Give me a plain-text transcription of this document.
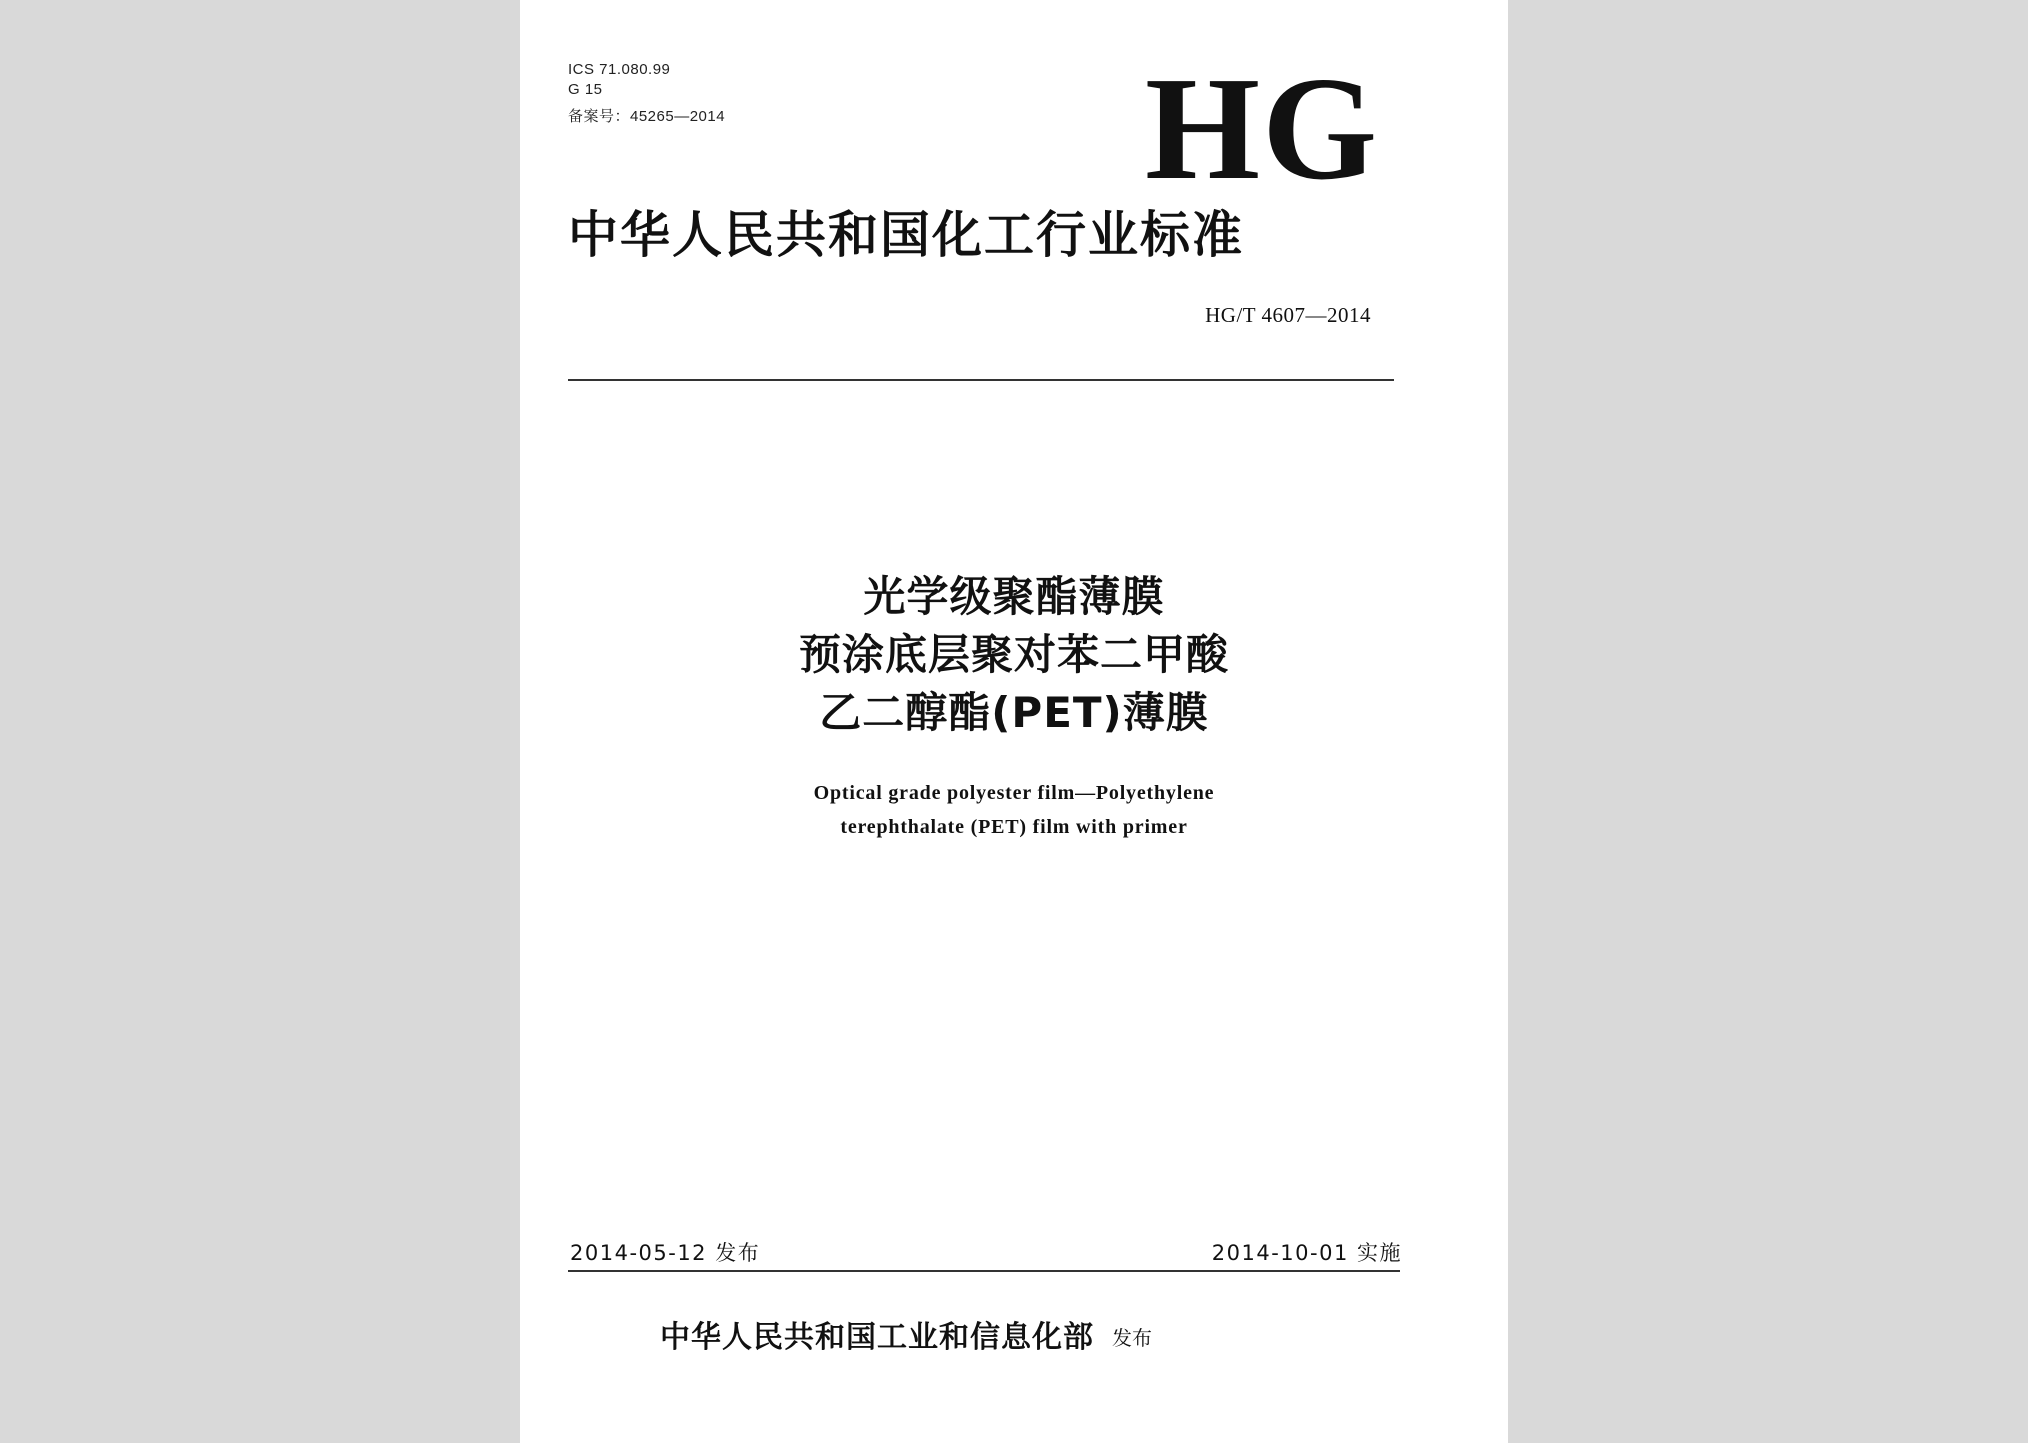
ICS 71.080.99
G 15
备案号：45265—2014	HG
中华人民共和国化工行业标准
HG/T 4607—2014
光学级聚酯薄膜
预涂底层聚对苯二甲酸
乙二醇酯(PET)薄膜
Optical grade polyester film—Polyethylene
terephthalate (PET) film with primer
2014-05-12 发布	2014-10-01 实施
中华人民共和国工业和信息化部 发布
